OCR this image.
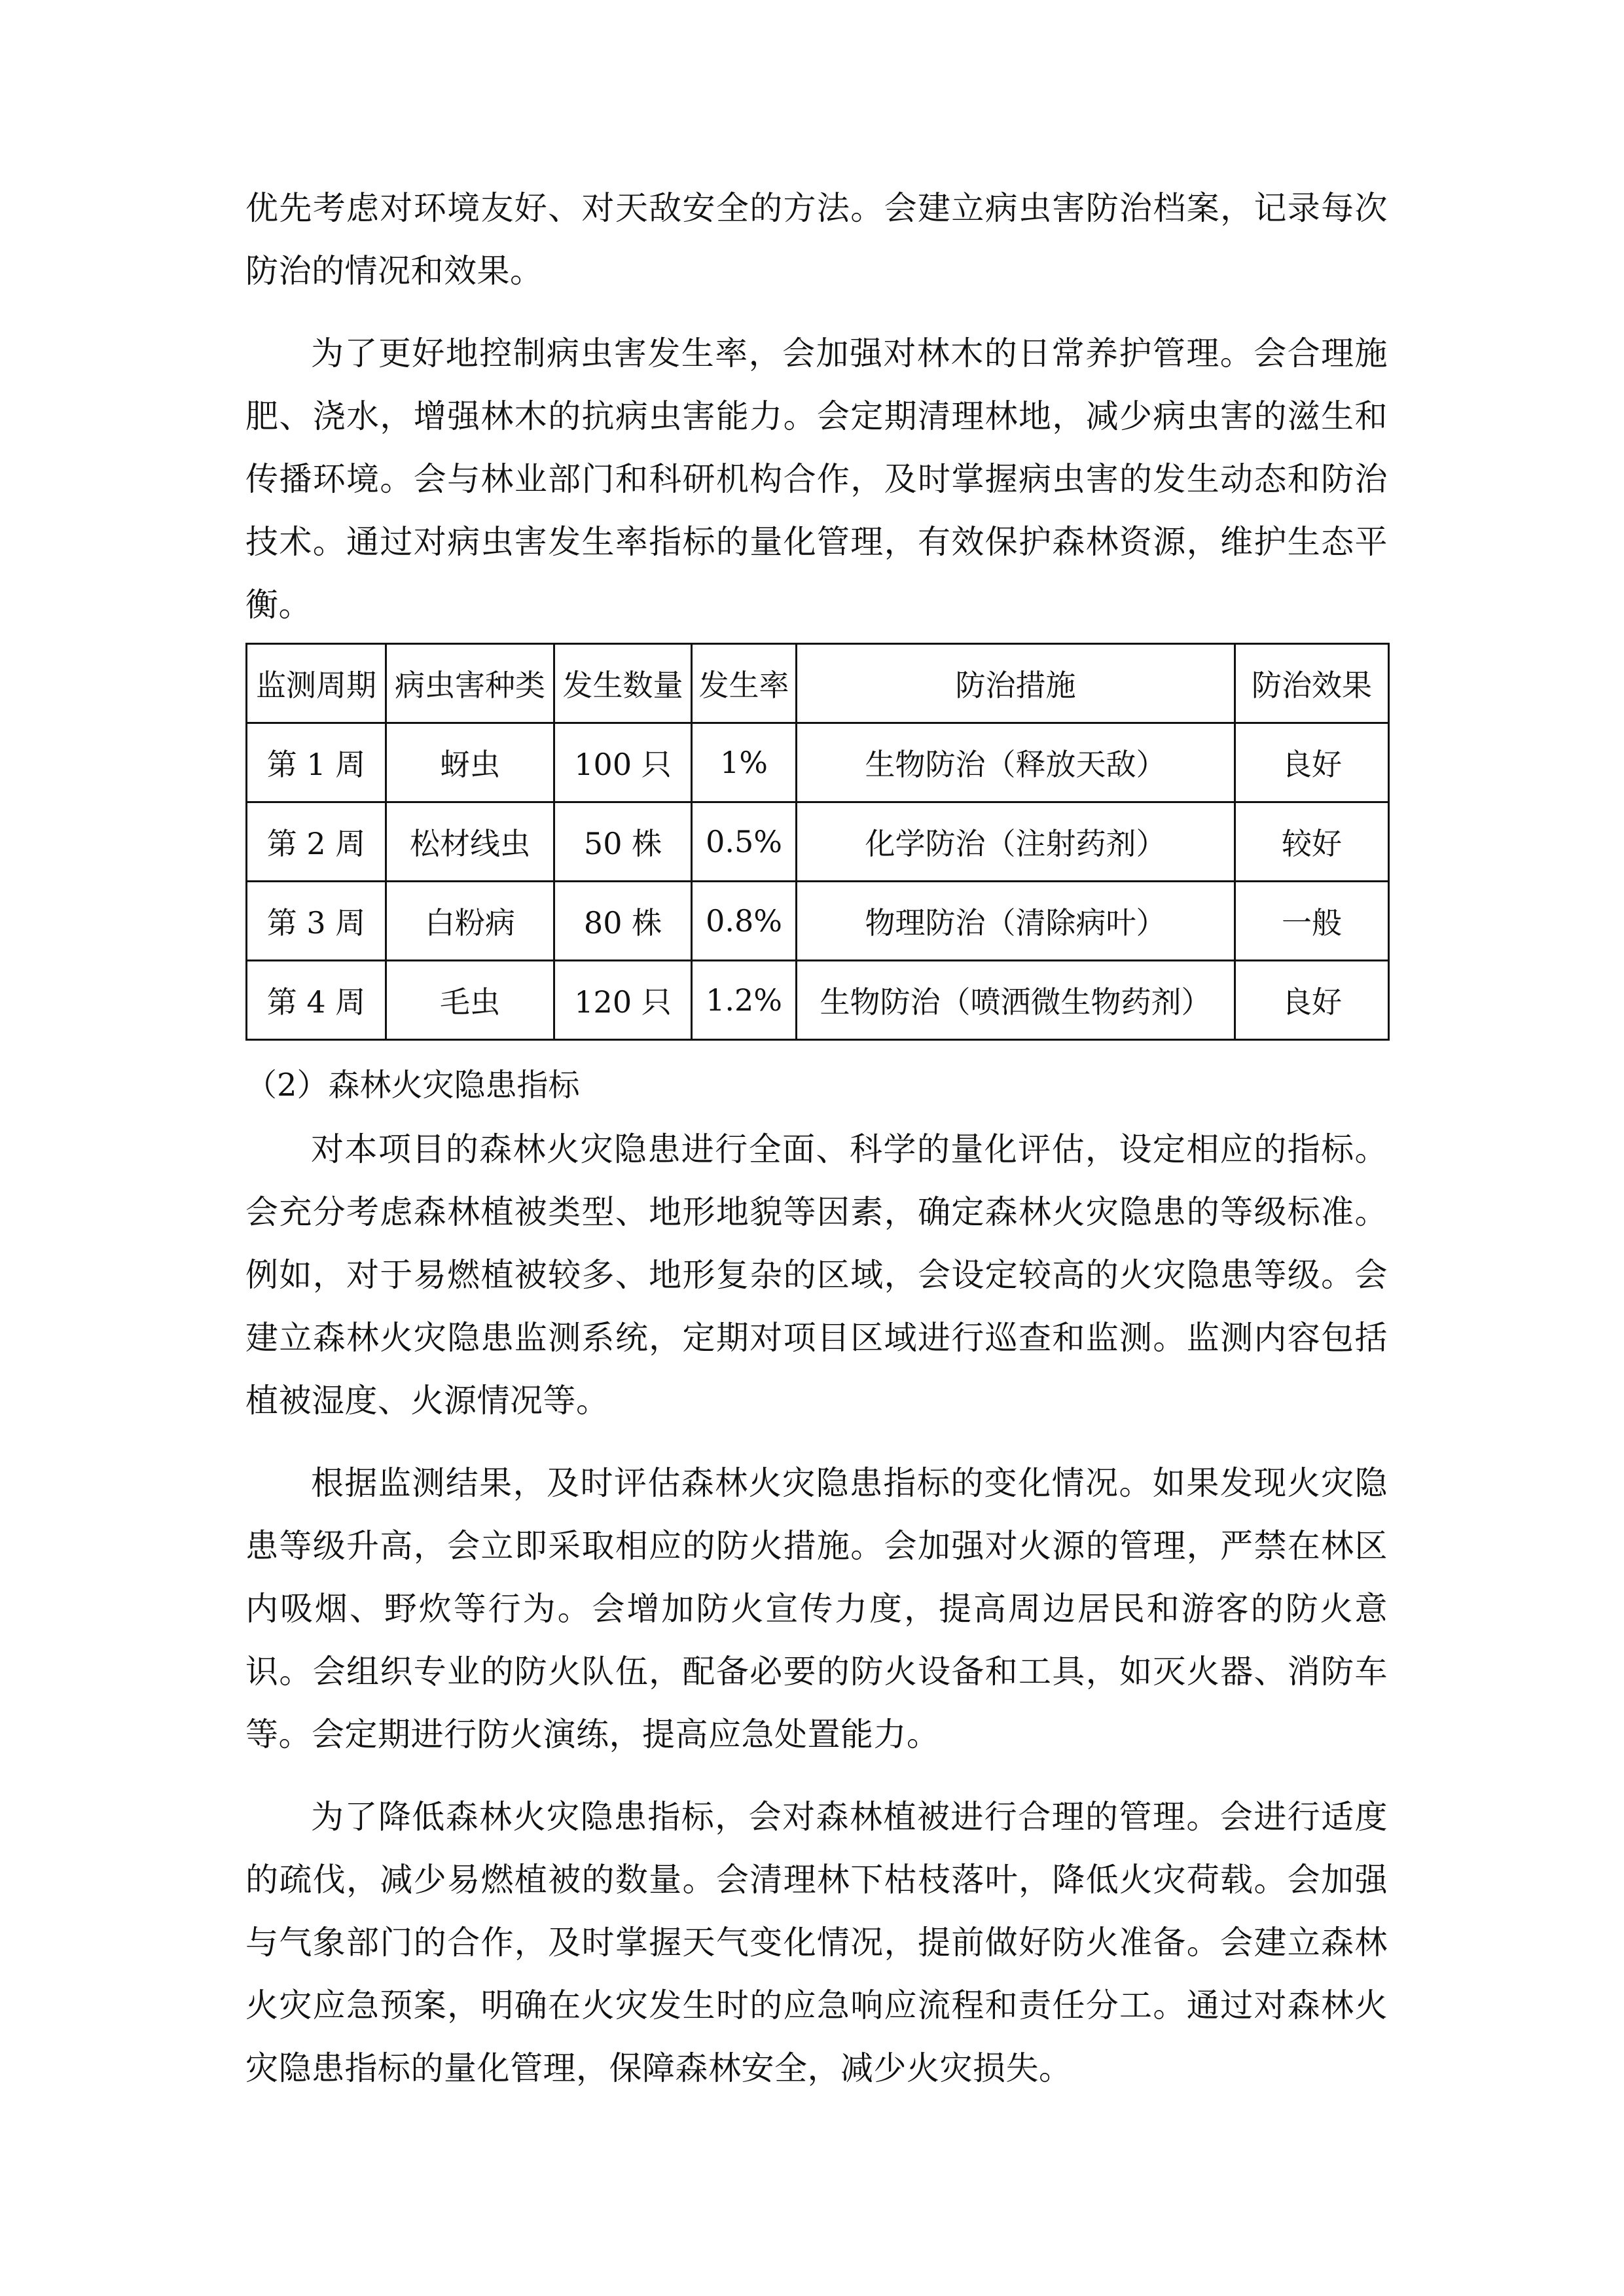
优先考虑对环境友好、对天敌安全的方法。会建立病虫害防治档案，记录每次防治的情况和效果。

为了更好地控制病虫害发生率，会加强对林木的日常养护管理。会合理施肥、浇水，增强林木的抗病虫害能力。会定期清理林地，减少病虫害的滋生和传播环境。会与林业部门和科研机构合作，及时掌握病虫害的发生动态和防治技术。通过对病虫害发生率指标的量化管理，有效保护森林资源，维护生态平衡。

监测周期	病虫害种类	发生数量	发生率	防治措施	防治效果
第 1 周	蚜虫	100 只	1%	生物防治（释放天敌）	良好
第 2 周	松材线虫	50 株	0.5%	化学防治（注射药剂）	较好
第 3 周	白粉病	80 株	0.8%	物理防治（清除病叶）	一般
第 4 周	毛虫	120 只	1.2%	生物防治（喷洒微生物药剂）	良好
（2）森林火灾隐患指标

对本项目的森林火灾隐患进行全面、科学的量化评估，设定相应的指标。会充分考虑森林植被类型、地形地貌等因素，确定森林火灾隐患的等级标准。例如，对于易燃植被较多、地形复杂的区域，会设定较高的火灾隐患等级。会建立森林火灾隐患监测系统，定期对项目区域进行巡查和监测。监测内容包括植被湿度、火源情况等。

根据监测结果，及时评估森林火灾隐患指标的变化情况。如果发现火灾隐患等级升高，会立即采取相应的防火措施。会加强对火源的管理，严禁在林区内吸烟、野炊等行为。会增加防火宣传力度，提高周边居民和游客的防火意识。会组织专业的防火队伍，配备必要的防火设备和工具，如灭火器、消防车等。会定期进行防火演练，提高应急处置能力。

为了降低森林火灾隐患指标，会对森林植被进行合理的管理。会进行适度的疏伐，减少易燃植被的数量。会清理林下枯枝落叶，降低火灾荷载。会加强与气象部门的合作，及时掌握天气变化情况，提前做好防火准备。会建立森林火灾应急预案，明确在火灾发生时的应急响应流程和责任分工。通过对森林火灾隐患指标的量化管理，保障森林安全，减少火灾损失。
